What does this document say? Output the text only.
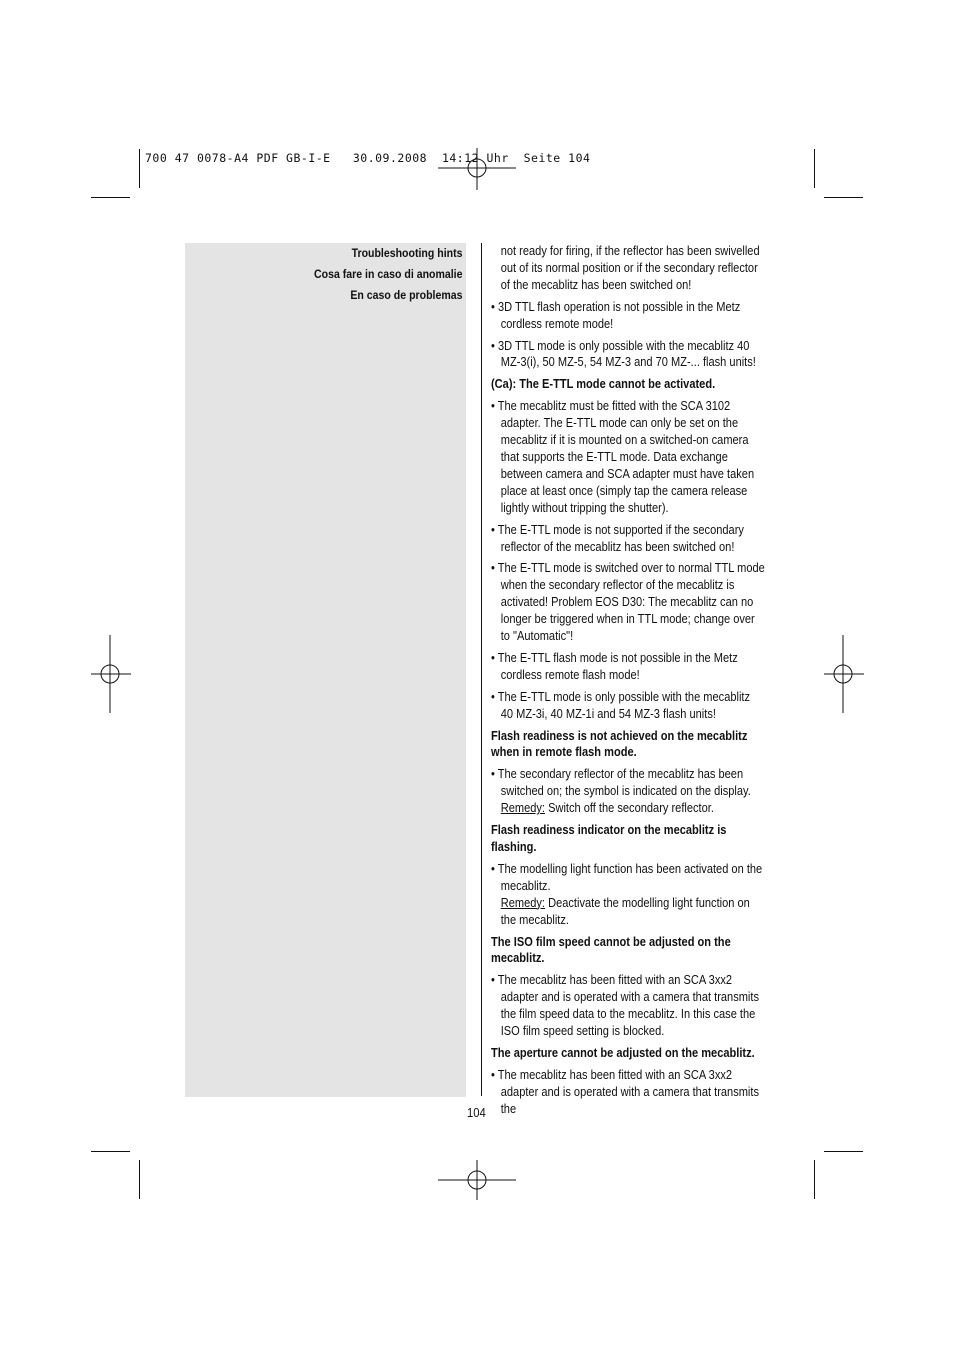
700 47 0078-A4 PDF GB-I-E   30.09.2008  14:12 Uhr  Seite 104
Troubleshooting hints
Cosa fare in caso di anomalie
En caso de problemas

not ready for firing, if the reflector has been swivelled out of its normal position or if the secondary reflector of the mecablitz has been switched on!

• 3D TTL flash operation is not possible in the Metz cordless remote mode!

• 3D TTL mode is only possible with the mecablitz 40 MZ-3(i), 50 MZ-5, 54 MZ-3 and 70 MZ-... flash units!

(Ca): The E-TTL mode cannot be activated.

• The mecablitz must be fitted with the SCA 3102 adapter. The E-TTL mode can only be set on the mecablitz if it is mounted on a switched-on camera that supports the E-TTL mode. Data exchange between camera and SCA adapter must have taken place at least once (simply tap the camera release lightly without tripping the shutter).

• The E-TTL mode is not supported if the secondary reflector of the mecablitz has been switched on!

• The E-TTL mode is switched over to normal TTL mode when the secondary reflector of the mecablitz is activated! Problem EOS D30: The mecablitz can no longer be triggered when in TTL mode; change over to "Automatic"!

• The E-TTL flash mode is not possible in the Metz cordless remote flash mode!

• The E-TTL mode is only possible with the mecablitz 40 MZ-3i, 40 MZ-1i and 54 MZ-3 flash units!

Flash readiness is not achieved on the mecablitz when in remote flash mode.

• The secondary reflector of the mecablitz has been switched on; the symbol is indicated on the display.
Remedy: Switch off the secondary reflector.

Flash readiness indicator on the mecablitz is flashing.

• The modelling light function has been activated on the mecablitz.
Remedy: Deactivate the modelling light function on the mecablitz.

The ISO film speed cannot be adjusted on the mecablitz.

• The mecablitz has been fitted with an SCA 3xx2 adapter and is operated with a camera that transmits the film speed data to the mecablitz. In this case the ISO film speed setting is blocked.

The aperture cannot be adjusted on the mecablitz.

• The mecablitz has been fitted with an SCA 3xx2 adapter and is operated with a camera that transmits the

104
